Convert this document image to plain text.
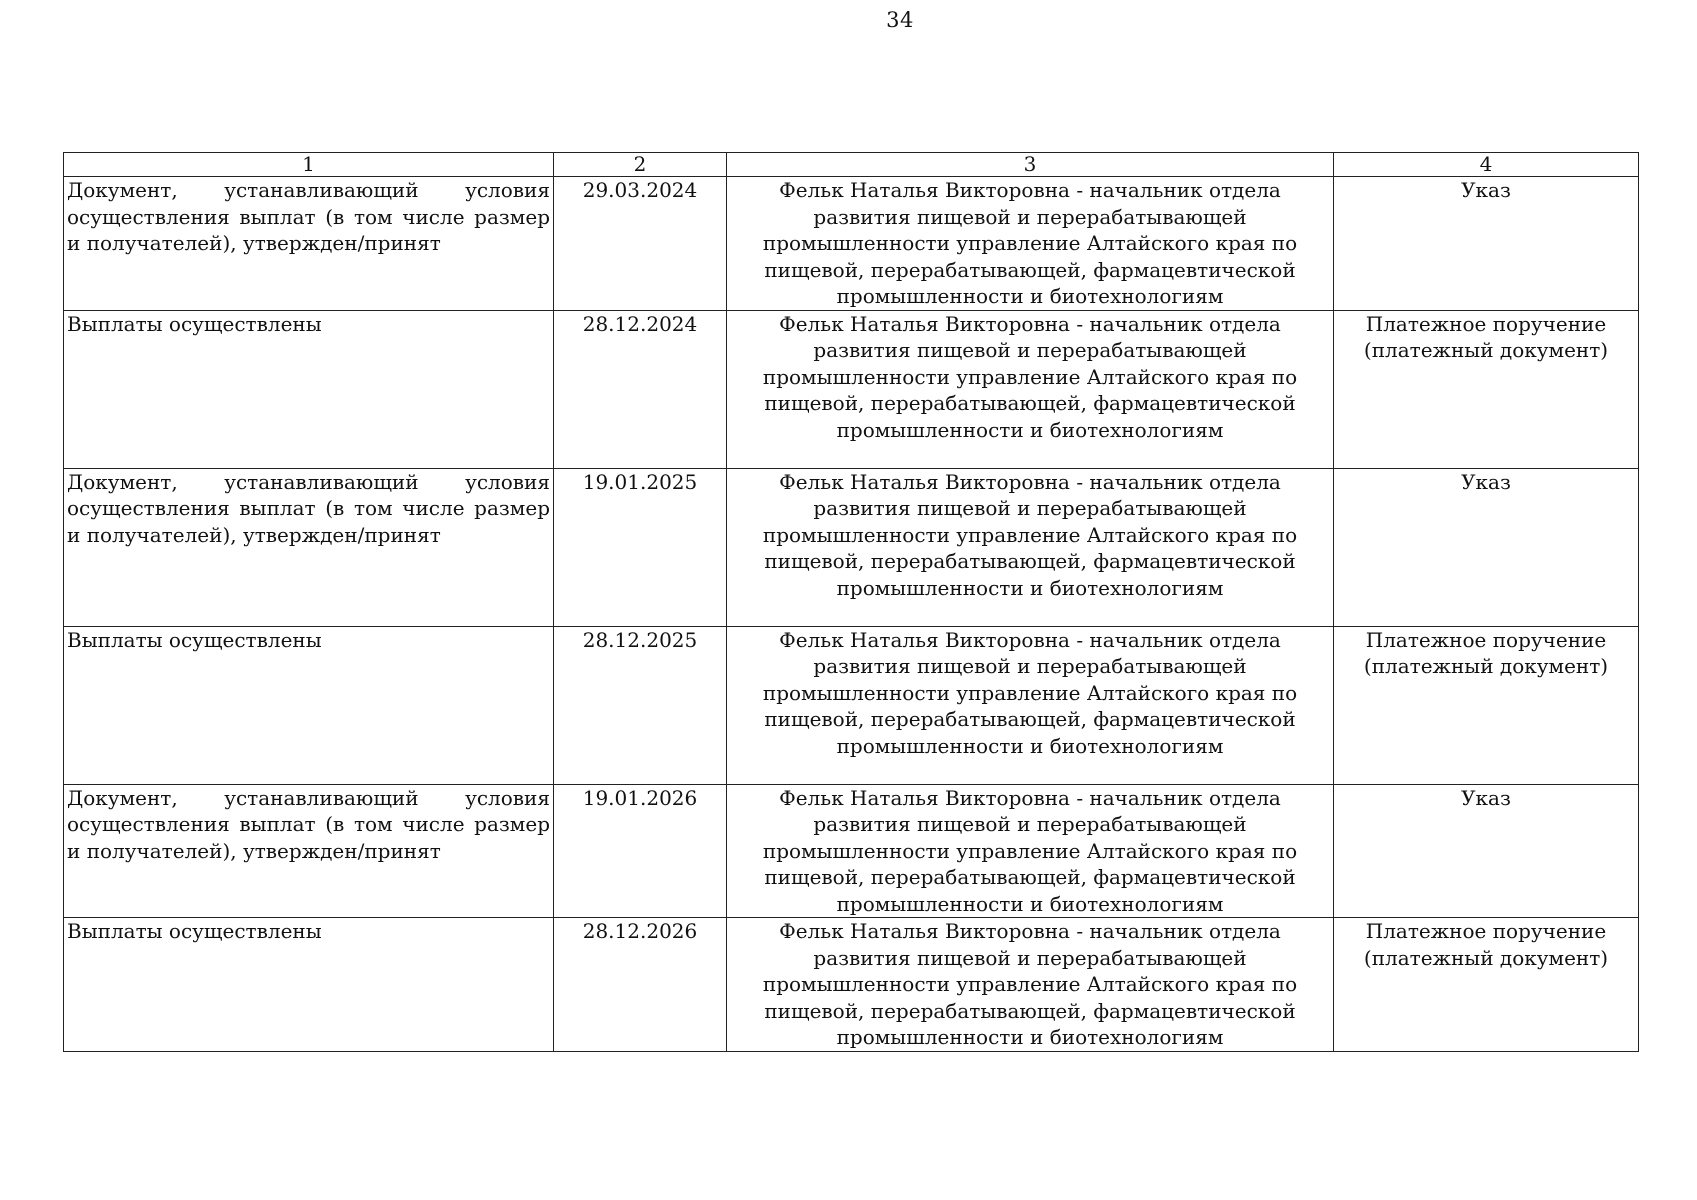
34
1	2	3	4
Документ, устанавливающий условия осуществления выплат (в том числе размер и получателей), утвержден/принят	29.03.2024	Фельк Наталья Викторовна - начальник отдела развития пищевой и перерабатывающей промышленности управление Алтайского края по пищевой, перерабатывающей, фармацевтической промышленности и биотехнологиям	Указ
Выплаты осуществлены	28.12.2024	Фельк Наталья Викторовна - начальник отдела развития пищевой и перерабатывающей промышленности управление Алтайского края по пищевой, перерабатывающей, фармацевтической промышленности и биотехнологиям	Платежное поручение (платежный документ)
Документ, устанавливающий условия осуществления выплат (в том числе размер и получателей), утвержден/принят	19.01.2025	Фельк Наталья Викторовна - начальник отдела развития пищевой и перерабатывающей промышленности управление Алтайского края по пищевой, перерабатывающей, фармацевтической промышленности и биотехнологиям	Указ
Выплаты осуществлены	28.12.2025	Фельк Наталья Викторовна - начальник отдела развития пищевой и перерабатывающей промышленности управление Алтайского края по пищевой, перерабатывающей, фармацевтической промышленности и биотехнологиям	Платежное поручение (платежный документ)
Документ, устанавливающий условия осуществления выплат (в том числе размер и получателей), утвержден/принят	19.01.2026	Фельк Наталья Викторовна - начальник отдела развития пищевой и перерабатывающей промышленности управление Алтайского края по пищевой, перерабатывающей, фармацевтической промышленности и биотехнологиям	Указ
Выплаты осуществлены	28.12.2026	Фельк Наталья Викторовна - начальник отдела развития пищевой и перерабатывающей промышленности управление Алтайского края по пищевой, перерабатывающей, фармацевтической промышленности и биотехнологиям	Платежное поручение (платежный документ)
